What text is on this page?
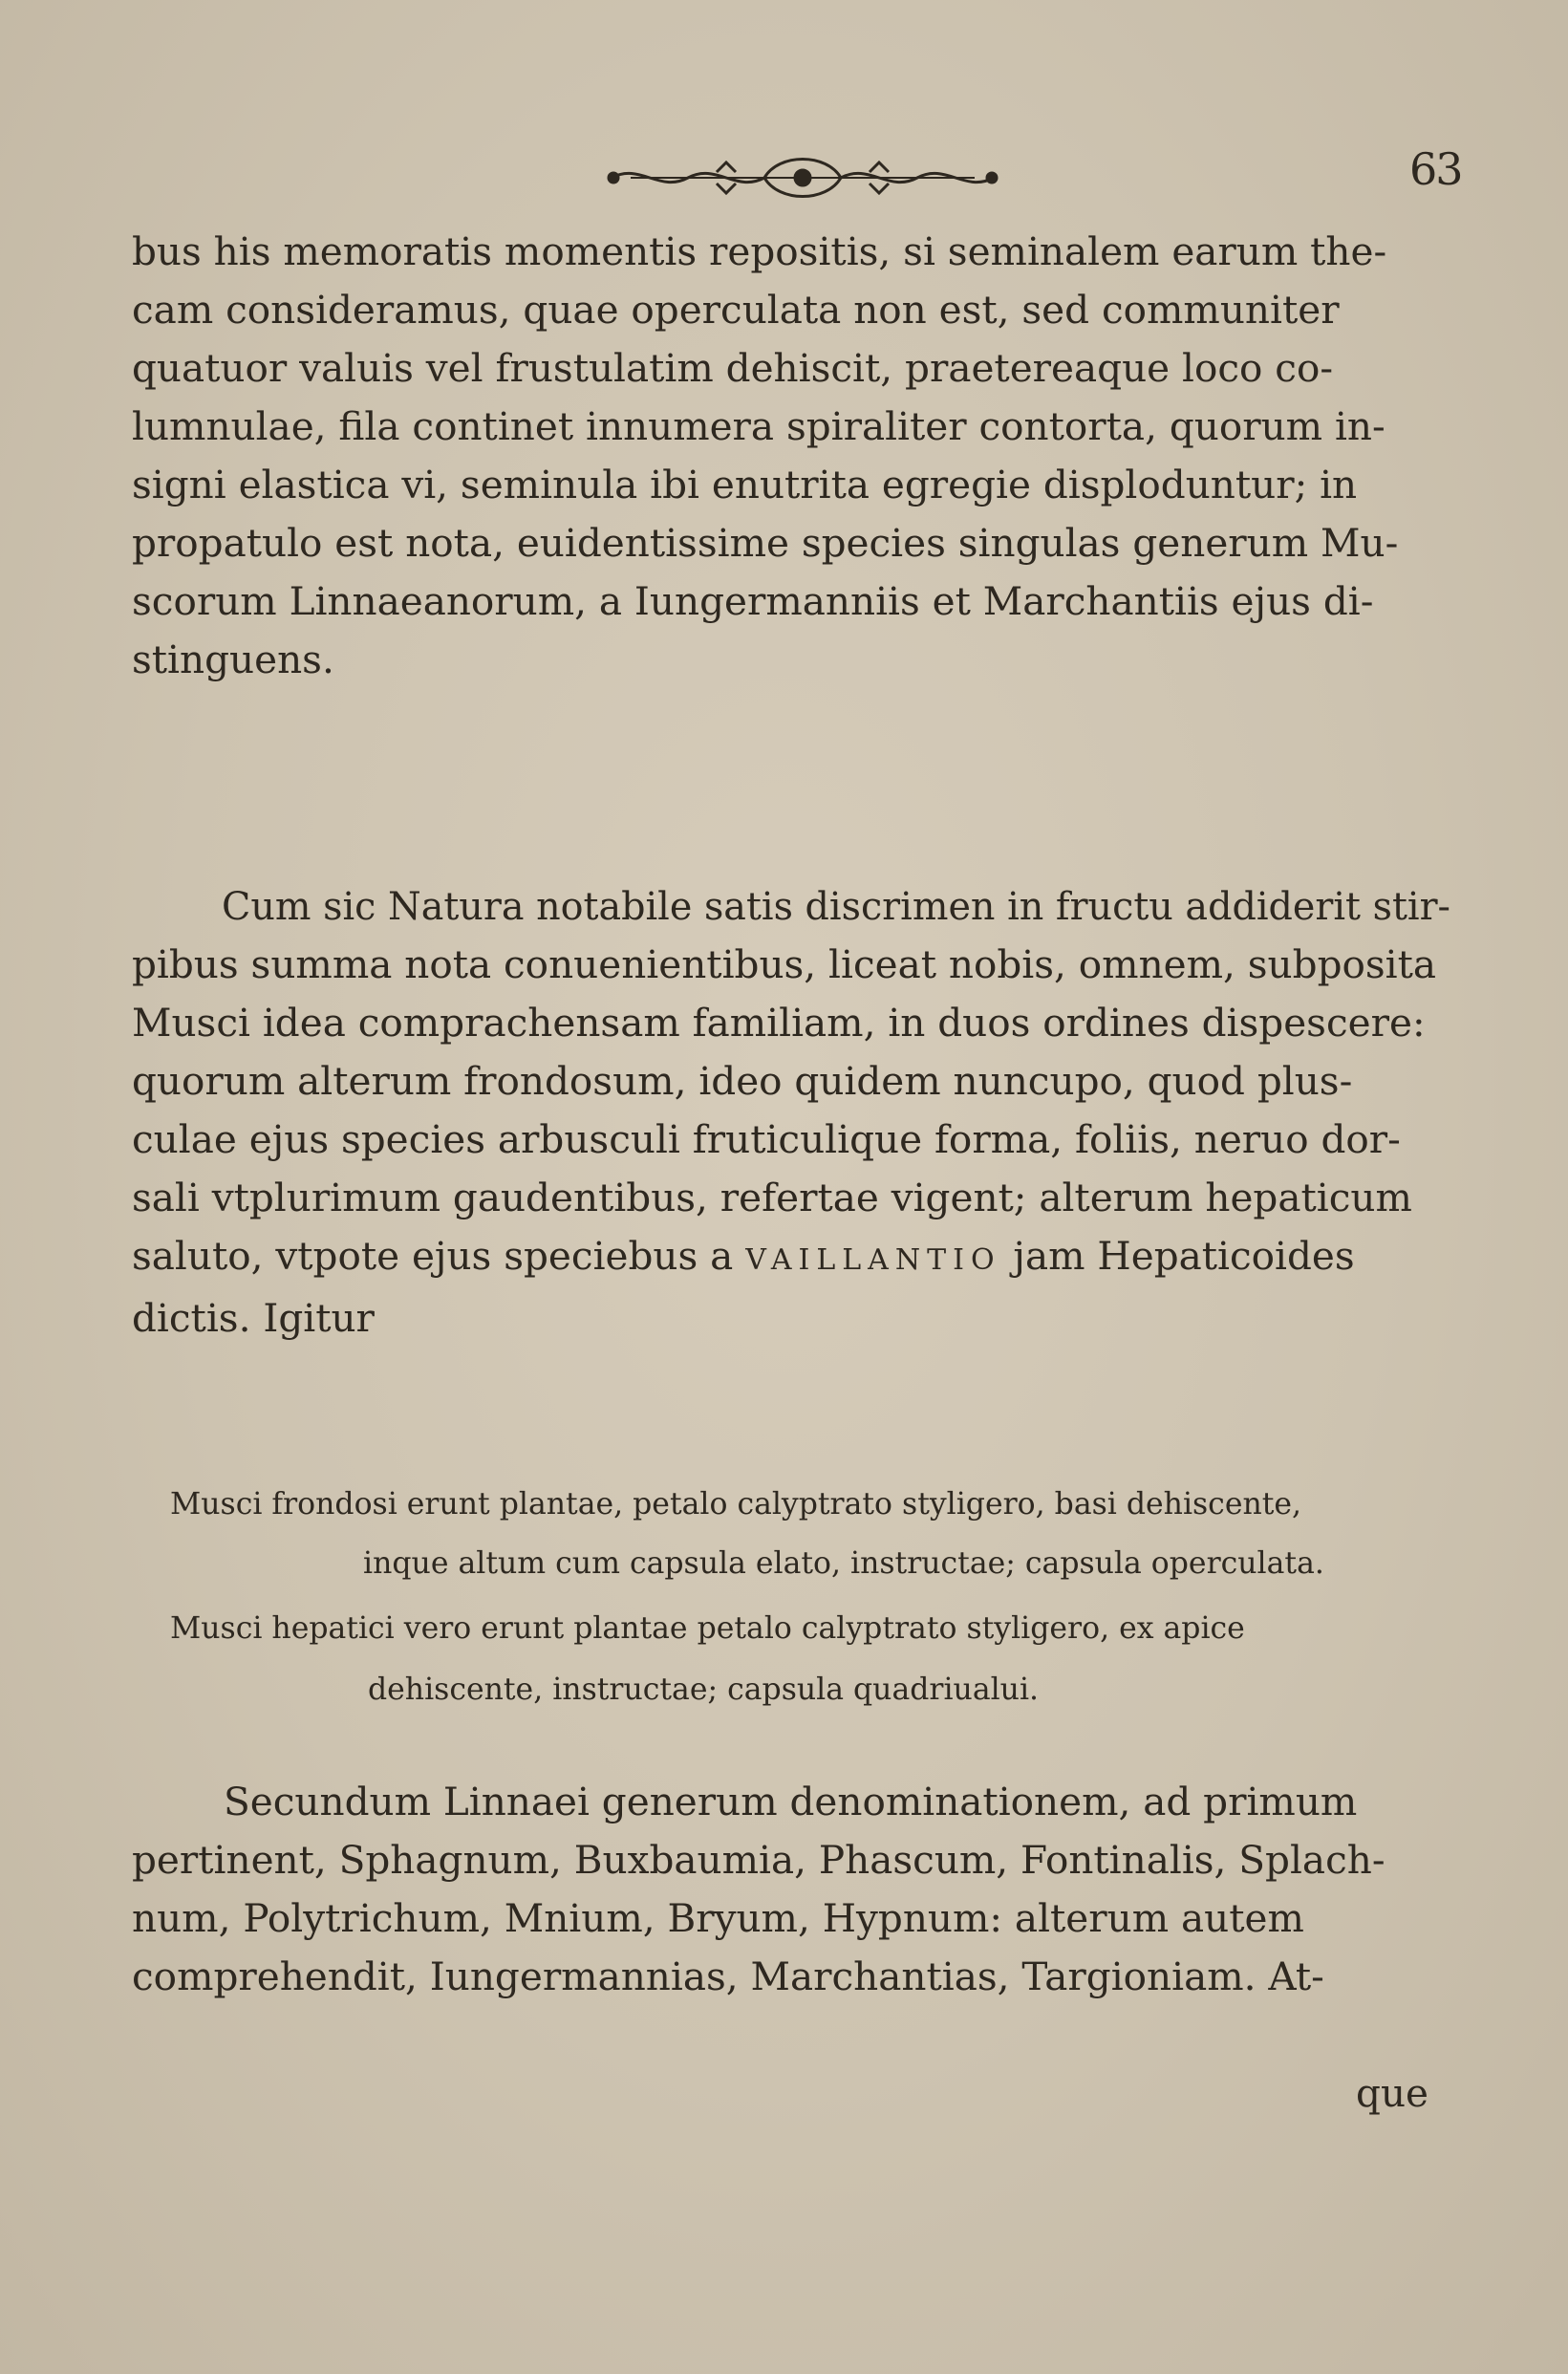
63
bus his memoratis momentis repositis, si seminalem earum the-
cam consideramus, quae operculata non est, sed communiter
quatuor valuis vel frustulatim dehiscit, praetereaque loco co-
lumnulae, fila continet innumera spiraliter contorta, quorum in-
signi elastica vi, seminula ibi enutrita egregie disploduntur; in
propatulo est nota, euidentissime species singulas generum Mu-
scorum Linnaeanorum, a Iungermanniis et Marchantiis ejus di-
stinguens.
Cum sic Natura notabile satis discrimen in fructu addiderit stir-
pibus summa nota conuenientibus, liceat nobis, omnem, subposita
Musci idea comprachensam familiam, in duos ordines dispescere:
quorum alterum frondosum, ideo quidem nuncupo, quod plus-
culae ejus species arbusculi fruticulique forma, foliis, neruo dor-
sali vtplurimum gaudentibus, refertae vigent; alterum hepaticum
saluto, vtpote ejus speciebus a VAILLANTIO jam Hepaticoides
dictis. Igitur
Musci frondosi erunt plantae, petalo calyptrato styligero, basi dehiscente,
inque altum cum capsula elato, instructae; capsula operculata.
Musci hepatici vero erunt plantae petalo calyptrato styligero, ex apice
dehiscente, instructae; capsula quadriualui.
Secundum Linnaei generum denominationem, ad primum
pertinent, Sphagnum, Buxbaumia, Phascum, Fontinalis, Splach-
num, Polytrichum, Mnium, Bryum, Hypnum: alterum autem
comprehendit, Iungermannias, Marchantias, Targioniam. At-
que
